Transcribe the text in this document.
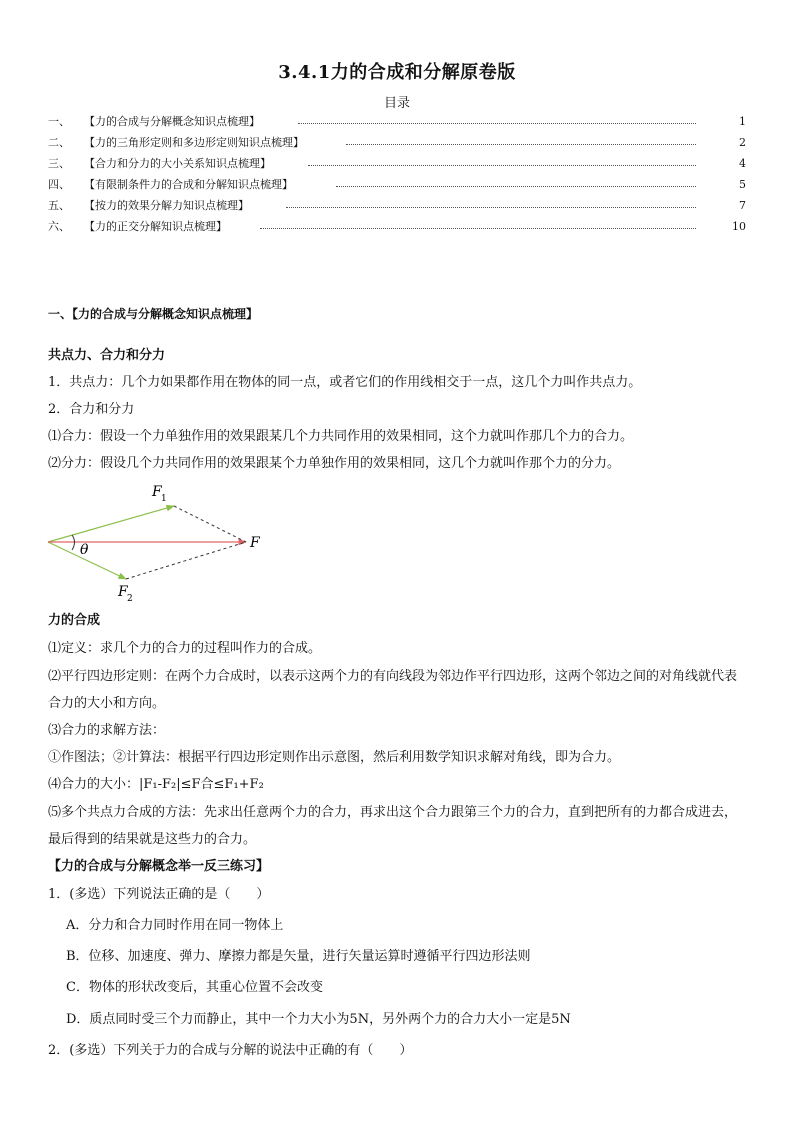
3.4.1力的合成和分解原卷版
目录
一、	【力的合成与分解概念知识点梳理】	1
二、	【力的三角形定则和多边形定则知识点梳理】	2
三、	【合力和分力的大小关系知识点梳理】	4
四、	【有限制条件力的合成和分解知识点梳理】	5
五、	【按力的效果分解力知识点梳理】	7
六、	【力的正交分解知识点梳理】	10
一、【力的合成与分解概念知识点梳理】
共点力、合力和分力
1．共点力：几个力如果都作用在物体的同一点，或者它们的作用线相交于一点，这几个力叫作共点力。
2．合力和分力
⑴合力：假设一个力单独作用的效果跟某几个力共同作用的效果相同，这个力就叫作那几个力的合力。
⑵分力：假设几个力共同作用的效果跟某个力单独作用的效果相同，这几个力就叫作那个力的分力。
θ
F 1
F 2
F
力的合成
⑴定义：求几个力的合力的过程叫作力的合成。
⑵平行四边形定则：在两个力合成时，以表示这两个力的有向线段为邻边作平行四边形，这两个邻边之间的对角线就代表合力的大小和方向。
⑶合力的求解方法：
①作图法；②计算法：根据平行四边形定则作出示意图，然后利用数学知识求解对角线，即为合力。
⑷合力的大小：|F₁-F₂|≤F合≤F₁+F₂
⑸多个共点力合成的方法：先求出任意两个力的合力，再求出这个合力跟第三个力的合力，直到把所有的力都合成进去，最后得到的结果就是这些力的合力。
【力的合成与分解概念举一反三练习】
1．(多选）下列说法正确的是（　　）
A．分力和合力同时作用在同一物体上
B．位移、加速度、弹力、摩擦力都是矢量，进行矢量运算时遵循平行四边形法则
C．物体的形状改变后，其重心位置不会改变
D．质点同时受三个力而静止，其中一个力大小为5N，另外两个力的合力大小一定是5N
2．(多选）下列关于力的合成与分解的说法中正确的有（　　）
